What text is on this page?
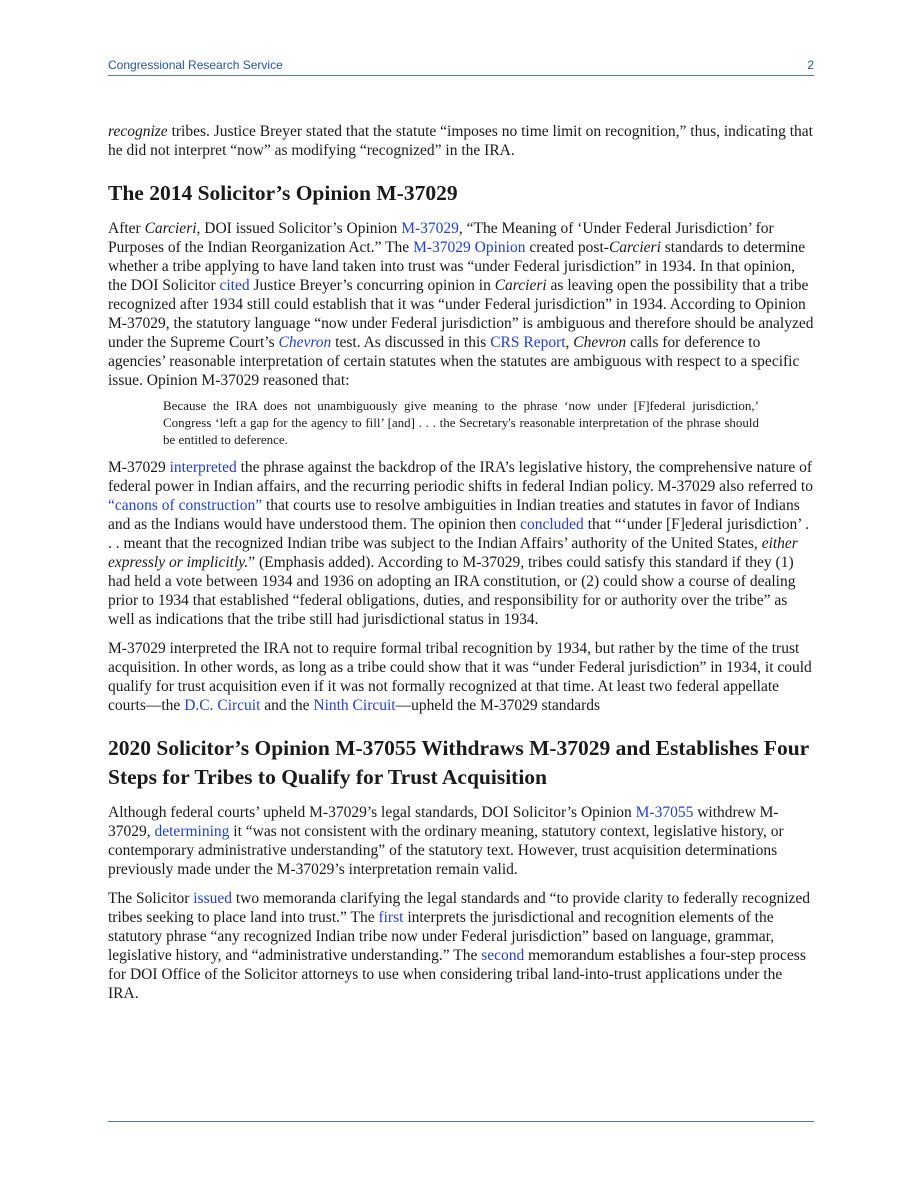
Congressional Research Service	2

recognize tribes. Justice Breyer stated that the statute “imposes no time limit on recognition,” thus, indicating that he did not interpret “now” as modifying “recognized” in the IRA.

The 2014 Solicitor’s Opinion M-37029

After Carcieri, DOI issued Solicitor’s Opinion M-37029, “The Meaning of ‘Under Federal Jurisdiction’ for Purposes of the Indian Reorganization Act.” The M-37029 Opinion created post-Carcieri standards to determine whether a tribe applying to have land taken into trust was “under Federal jurisdiction” in 1934. In that opinion, the DOI Solicitor cited Justice Breyer’s concurring opinion in Carcieri as leaving open the possibility that a tribe recognized after 1934 still could establish that it was “under Federal jurisdiction” in 1934. According to Opinion M-37029, the statutory language “now under Federal jurisdiction” is ambiguous and therefore should be analyzed under the Supreme Court’s Chevron test. As discussed in this CRS Report, Chevron calls for deference to agencies’ reasonable interpretation of certain statutes when the statutes are ambiguous with respect to a specific issue. Opinion M-37029 reasoned that:

Because the IRA does not unambiguously give meaning to the phrase ‘now under [F]federal jurisdiction,’ Congress ‘left a gap for the agency to fill’ [and] . . . the Secretary's reasonable interpretation of the phrase should be entitled to deference.

M-37029 interpreted the phrase against the backdrop of the IRA’s legislative history, the comprehensive nature of federal power in Indian affairs, and the recurring periodic shifts in federal Indian policy. M-37029 also referred to “canons of construction” that courts use to resolve ambiguities in Indian treaties and statutes in favor of Indians and as the Indians would have understood them. The opinion then concluded that “‘under [F]ederal jurisdiction’ . . . meant that the recognized Indian tribe was subject to the Indian Affairs’ authority of the United States, either expressly or implicitly.” (Emphasis added). According to M-37029, tribes could satisfy this standard if they (1) had held a vote between 1934 and 1936 on adopting an IRA constitution, or (2) could show a course of dealing prior to 1934 that established “federal obligations, duties, and responsibility for or authority over the tribe” as well as indications that the tribe still had jurisdictional status in 1934.

M-37029 interpreted the IRA not to require formal tribal recognition by 1934, but rather by the time of the trust acquisition. In other words, as long as a tribe could show that it was “under Federal jurisdiction” in 1934, it could qualify for trust acquisition even if it was not formally recognized at that time. At least two federal appellate courts—the D.C. Circuit and the Ninth Circuit—upheld the M-37029 standards

2020 Solicitor’s Opinion M-37055 Withdraws M-37029 and Establishes Four Steps for Tribes to Qualify for Trust Acquisition

Although federal courts’ upheld M-37029’s legal standards, DOI Solicitor’s Opinion M-37055 withdrew M-37029, determining it “was not consistent with the ordinary meaning, statutory context, legislative history, or contemporary administrative understanding” of the statutory text. However, trust acquisition determinations previously made under the M-37029’s interpretation remain valid.

The Solicitor issued two memoranda clarifying the legal standards and “to provide clarity to federally recognized tribes seeking to place land into trust.” The first interprets the jurisdictional and recognition elements of the statutory phrase “any recognized Indian tribe now under Federal jurisdiction” based on language, grammar, legislative history, and “administrative understanding.” The second memorandum establishes a four-step process for DOI Office of the Solicitor attorneys to use when considering tribal land-into-trust applications under the IRA.
